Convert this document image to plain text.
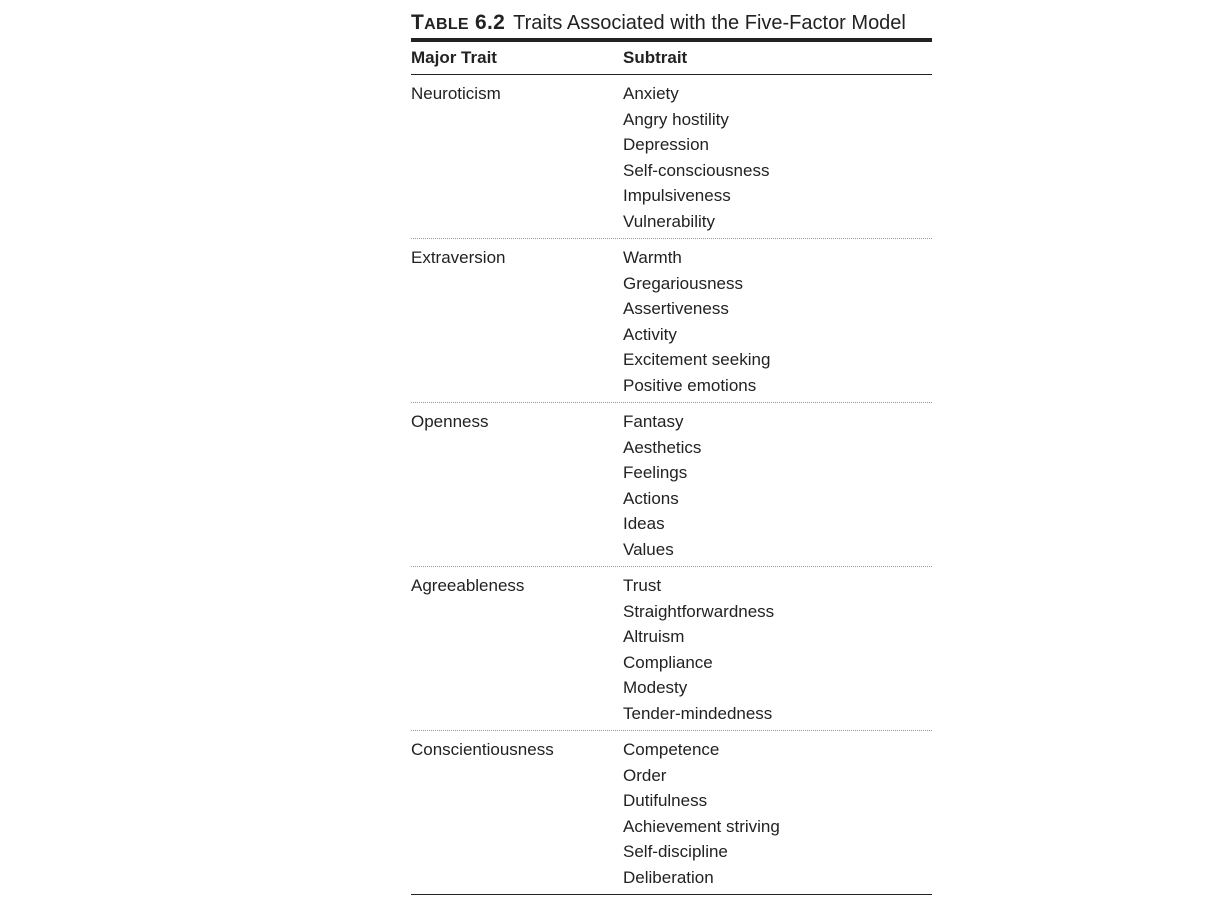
TABLE 6.2 Traits Associated with the Five-Factor Model
Major Trait	Subtrait
Neuroticism	Anxiety
Angry hostility
Depression
Self-consciousness
Impulsiveness
Vulnerability
Extraversion	Warmth
Gregariousness
Assertiveness
Activity
Excitement seeking
Positive emotions
Openness	Fantasy
Aesthetics
Feelings
Actions
Ideas
Values
Agreeableness	Trust
Straightforwardness
Altruism
Compliance
Modesty
Tender-mindedness
Conscientiousness	Competence
Order
Dutifulness
Achievement striving
Self-discipline
Deliberation
